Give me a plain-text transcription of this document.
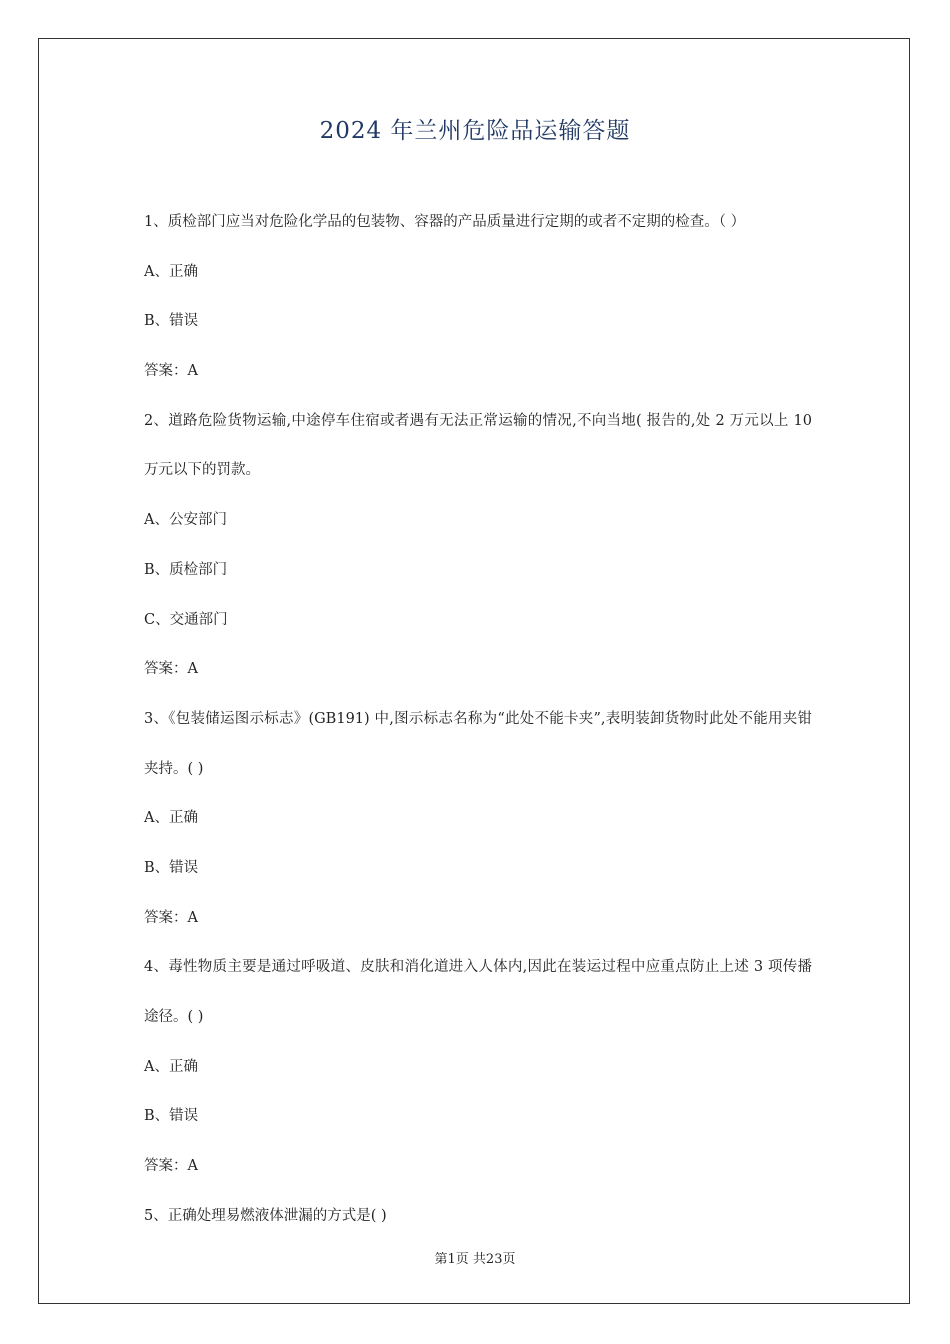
2024 年兰州危险品运输答题
1、质检部门应当对危险化学品的包装物、容器的产品质量进行定期的或者不定期的检查。（ ）
A、正确
B、错误
答案：A
2、道路危险货物运输,中途停车住宿或者遇有无法正常运输的情况,不向当地( 报告的,处 2 万元以上 10 万元以下的罚款。
A、公安部门
B、质检部门
C、交通部门
答案：A
3、《包装储运图示标志》(GB191) 中,图示标志名称为“此处不能卡夹”,表明装卸货物时此处不能用夹钳夹持。( )
A、正确
B、错误
答案：A
4、毒性物质主要是通过呼吸道、皮肤和消化道进入人体内,因此在装运过程中应重点防止上述 3 项传播途径。( )
A、正确
B、错误
答案：A
5、正确处理易燃液体泄漏的方式是( )
第1页 共23页
